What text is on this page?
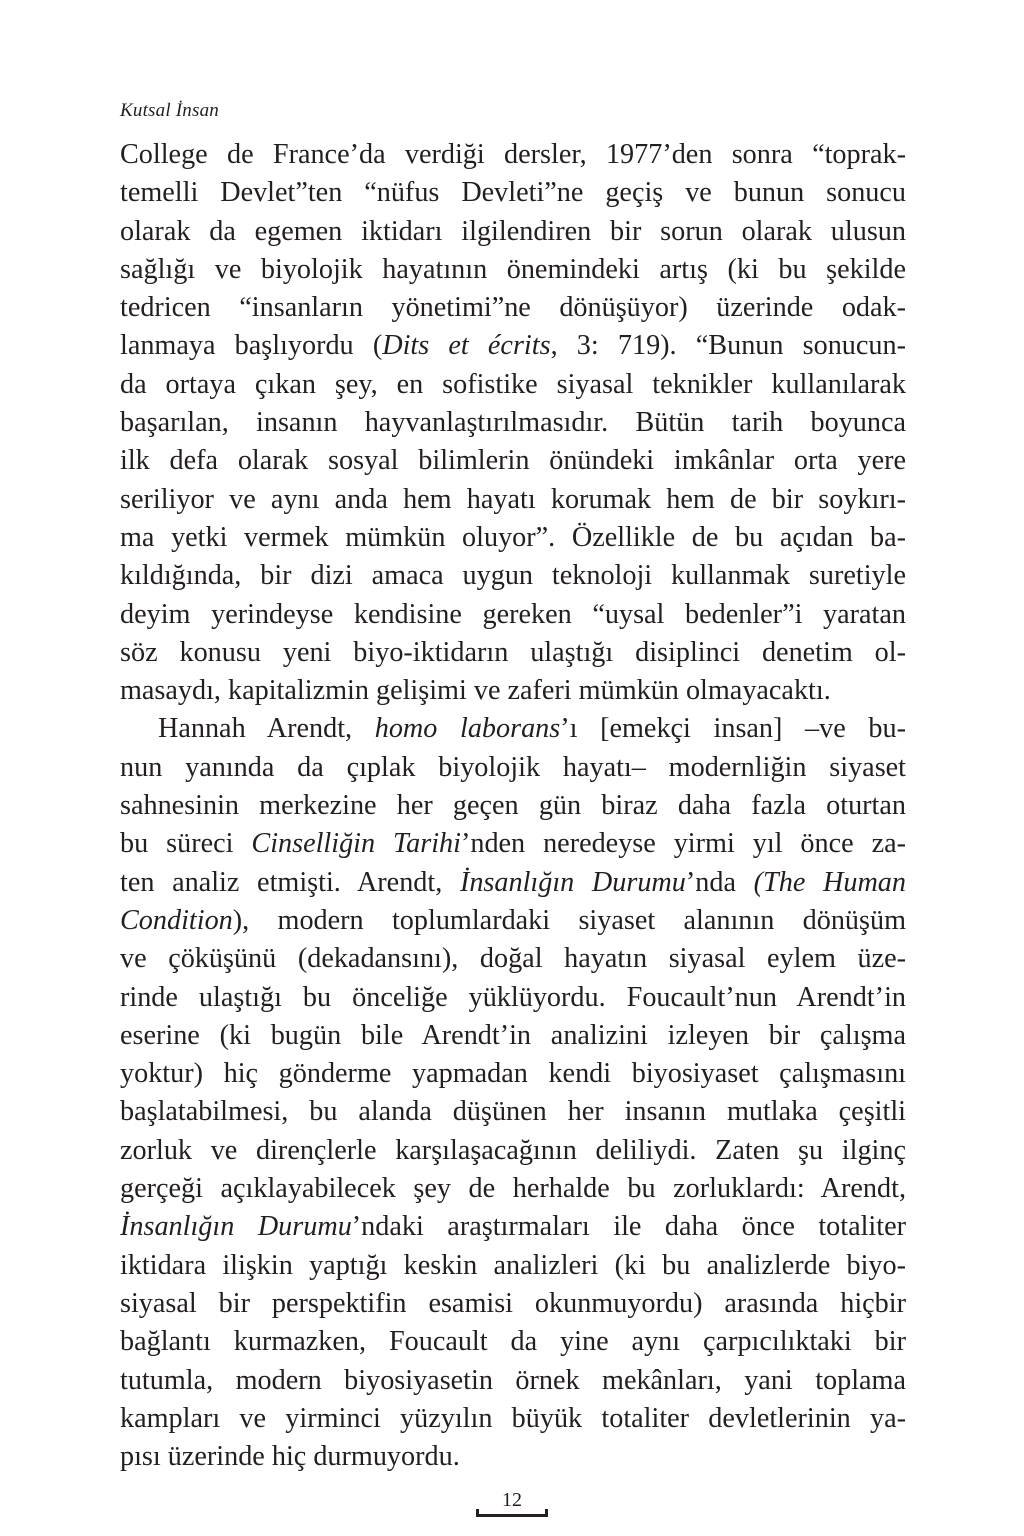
Kutsal İnsan
College de France’da verdiği dersler, 1977’den sonra “toprak-
temelli Devlet”ten “nüfus Devleti”ne geçiş ve bunun sonucu
olarak da egemen iktidarı ilgilendiren bir sorun olarak ulusun
sağlığı ve biyolojik hayatının önemindeki artış (ki bu şekilde
tedricen “insanların yönetimi”ne dönüşüyor) üzerinde odak-
lanmaya başlıyordu (Dits et écrits, 3: 719). “Bunun sonucun-
da ortaya çıkan şey, en sofistike siyasal teknikler kullanılarak
başarılan, insanın hayvanlaştırılmasıdır. Bütün tarih boyunca
ilk defa olarak sosyal bilimlerin önündeki imkânlar orta yere
seriliyor ve aynı anda hem hayatı korumak hem de bir soykırı-
ma yetki vermek mümkün oluyor”. Özellikle de bu açıdan ba-
kıldığında, bir dizi amaca uygun teknoloji kullanmak suretiyle
deyim yerindeyse kendisine gereken “uysal bedenler”i yaratan
söz konusu yeni biyo-iktidarın ulaştığı disiplinci denetim ol-
masaydı, kapitalizmin gelişimi ve zaferi mümkün olmayacaktı.
Hannah Arendt, homo laborans’ı [emekçi insan] –ve bu-
nun yanında da çıplak biyolojik hayatı– modernliğin siyaset
sahnesinin merkezine her geçen gün biraz daha fazla oturtan
bu süreci Cinselliğin Tarihi’nden neredeyse yirmi yıl önce za-
ten analiz etmişti. Arendt, İnsanlığın Durumu’nda (The Human
Condition), modern toplumlardaki siyaset alanının dönüşüm
ve çöküşünü (dekadansını), doğal hayatın siyasal eylem üze-
rinde ulaştığı bu önceliğe yüklüyordu. Foucault’nun Arendt’in
eserine (ki bugün bile Arendt’in analizini izleyen bir çalışma
yoktur) hiç gönderme yapmadan kendi biyosiyaset çalışmasını
başlatabilmesi, bu alanda düşünen her insanın mutlaka çeşitli
zorluk ve dirençlerle karşılaşacağının deliliydi. Zaten şu ilginç
gerçeği açıklayabilecek şey de herhalde bu zorluklardı: Arendt,
İnsanlığın Durumu’ndaki araştırmaları ile daha önce totaliter
iktidara ilişkin yaptığı keskin analizleri (ki bu analizlerde biyo-
siyasal bir perspektifin esamisi okunmuyordu) arasında hiçbir
bağlantı kurmazken, Foucault da yine aynı çarpıcılıktaki bir
tutumla, modern biyosiyasetin örnek mekânları, yani toplama
kampları ve yirminci yüzyılın büyük totaliter devletlerinin ya-
pısı üzerinde hiç durmuyordu.
12
